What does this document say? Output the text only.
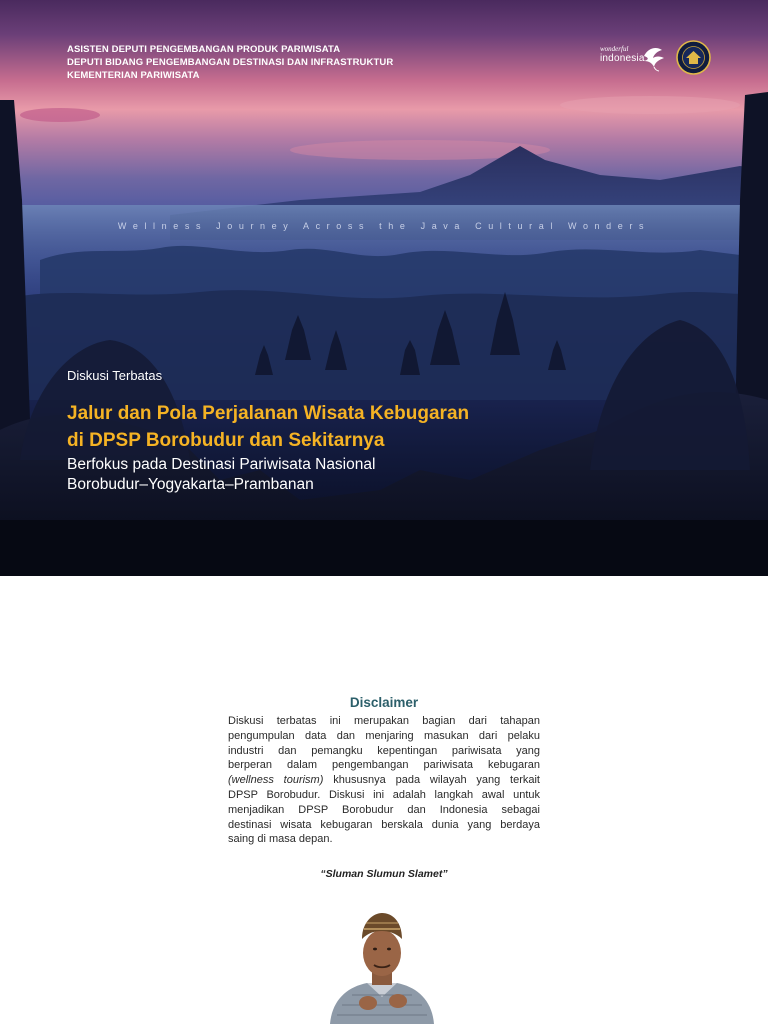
ASISTEN DEPUTI PENGEMBANGAN PRODUK PARIWISATA
DEPUTI BIDANG PENGEMBANGAN DESTINASI DAN INFRASTRUKTUR
KEMENTERIAN PARIWISATA
wonderful
indonesia
Wellness Journey Across the Java Cultural Wonders
Diskusi Terbatas
Jalur dan Pola Perjalanan Wisata Kebugaran
di DPSP Borobudur dan Sekitarnya
Berfokus pada Destinasi Pariwisata Nasional
Borobudur–Yogyakarta–Prambanan
Disclaimer
Diskusi terbatas ini merupakan bagian dari tahapan
pengumpulan data dan menjaring masukan dari pelaku
industri dan pemangku kepentingan pariwisata yang
berperan dalam pengembangan pariwisata kebugaran
(wellness tourism) khususnya pada wilayah yang terkait
DPSP Borobudur. Diskusi ini adalah langkah awal untuk
menjadikan DPSP Borobudur dan Indonesia sebagai
destinasi wisata kebugaran berskala dunia yang berdaya
saing di masa depan.
“Sluman Slumun Slamet”
